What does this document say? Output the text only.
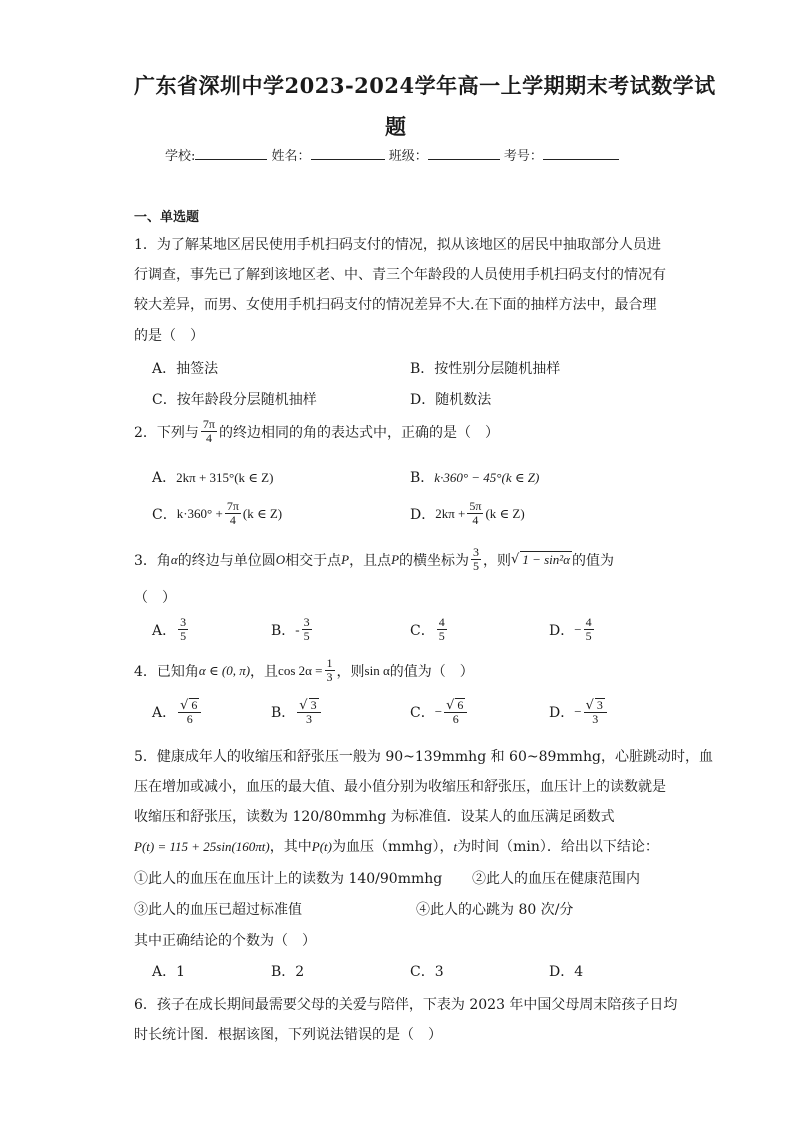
广东省深圳中学2023-2024学年高一上学期期末考试数学试
题
学校:	姓名：	班级：	考号：
一、单选题
1．为了解某地区居民使用手机扫码支付的情况，拟从该地区的居民中抽取部分人员进
行调查，事先已了解到该地区老、中、青三个年龄段的人员使用手机扫码支付的情况有
较大差异，而男、女使用手机扫码支付的情况差异不大.在下面的抽样方法中，最合理
的是（　）
A．抽签法	B．按性别分层随机抽样
C．按年龄段分层随机抽样	D．随机数法
2．下列与 $\frac{7\pi}{4}$ 的终边相同的角的表达式中，正确的是（　）
A．2kπ + 315°(k ∈ Z)	B．k·360° − 45°(k ∈ Z)
C． $k\cdot 360^\circ + \frac{7\pi}{4} (k$ ∈ Z)	D． $2k\pi + \frac{5\pi}{4} (k$ ∈ Z)
3．角 α 的终边与单位圆 O 相交于点 P ，且点 P 的横坐标为 $\frac{3}{5}$ ，则 √ 1 − sin²α 的值为
（　）
A． $\frac{3}{5}$	B． - $\frac{3}{5}$	C． $\frac{4}{5}$	D． − $\frac{4}{5}$
4．已知角 α ∈ (0, π) ，且 $\cos 2\alpha = \frac{1}{3}$ ，则 sin α 的值为（　）
A． $\frac{√ 6}{6}$	B． $\frac{√ 3}{3}$	C． − $\frac{√ 6}{6}$	D． − $\frac{√ 3}{3}$
5．健康成年人的收缩压和舒张压一般为 90~139mmhg 和 60~89mmhg，心脏跳动时，血
压在增加或减小，血压的最大值、最小值分别为收缩压和舒张压，血压计上的读数就是
收缩压和舒张压，读数为 120/80mmhg 为标准值．设某人的血压满足函数式
P(t) = 115 + 25sin(160πt)，其中P(t)为血压（mmhg），t为时间（min）．给出以下结论：
①此人的血压在血压计上的读数为 140/90mmhg ②此人的血压在健康范围内
③此人的血压已超过标准值	④此人的心跳为 80 次/分
其中正确结论的个数为（　）
A．1	B．2	C．3	D．4
6．孩子在成长期间最需要父母的关爱与陪伴，下表为 2023 年中国父母周末陪孩子日均
时长统计图．根据该图，下列说法错误的是（　）
